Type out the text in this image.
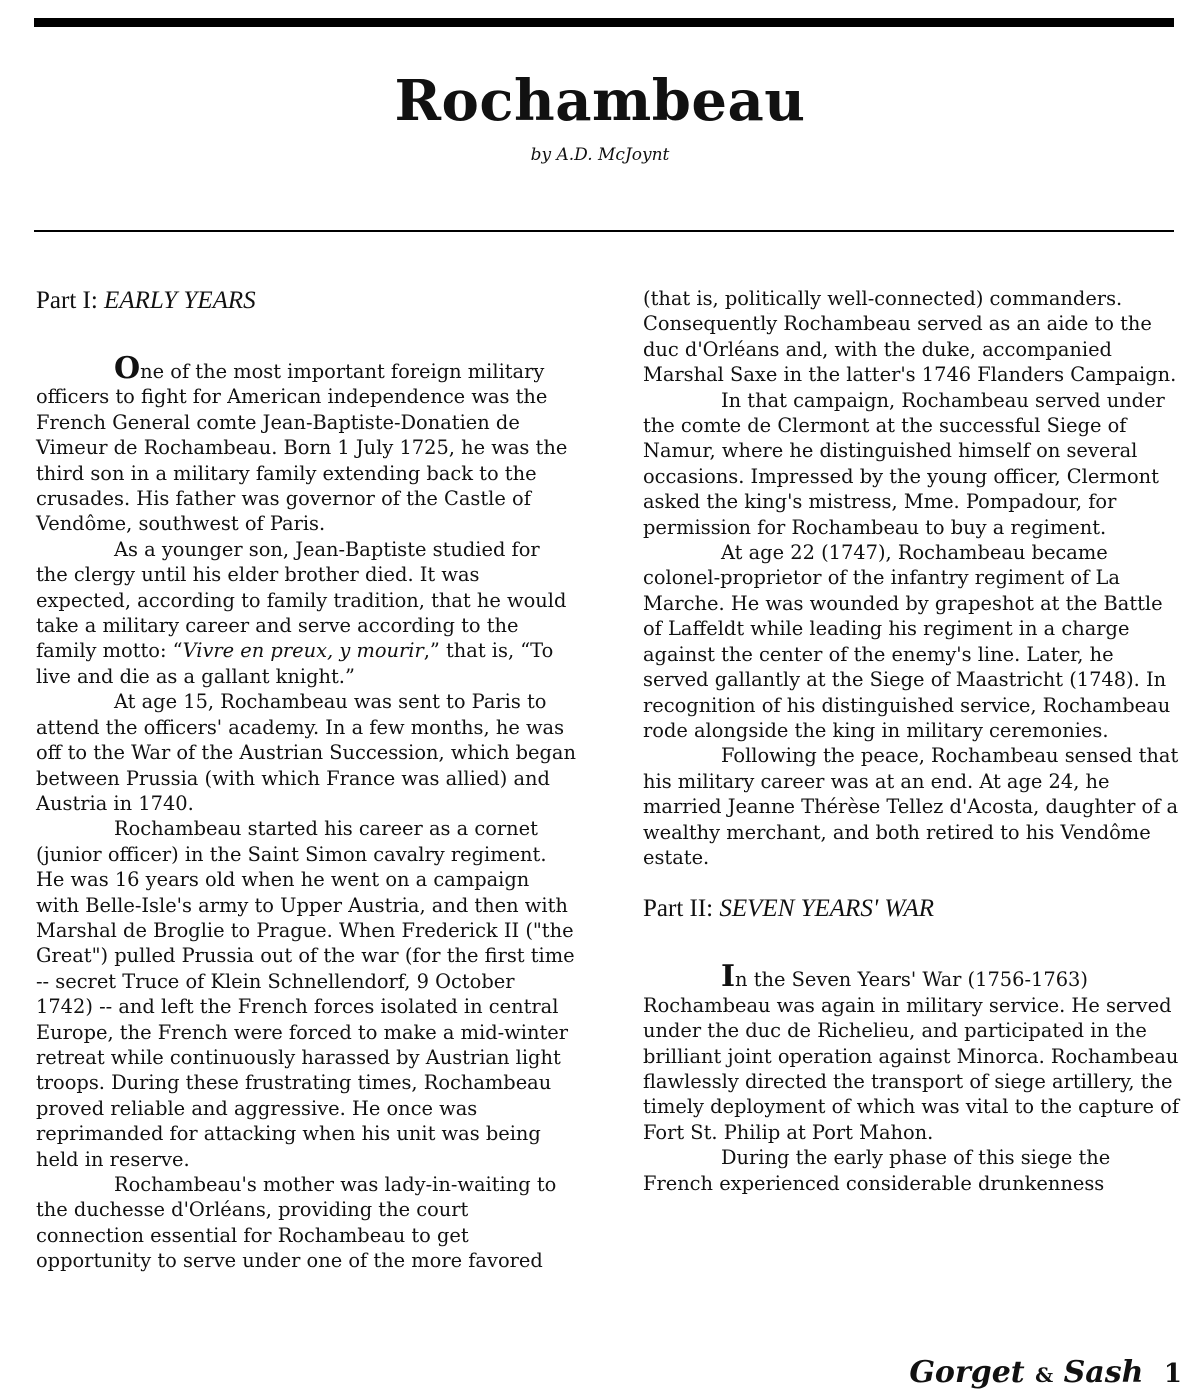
Rochambeau
by A.D. McJoynt

Part I: EARLY YEARS

One of the most important foreign military officers to fight for American independence was the French General comte Jean-Baptiste-Donatien de Vimeur de Rochambeau. Born 1 July 1725, he was the third son in a military family extending back to the crusades. His father was governor of the Castle of Vendôme, southwest of Paris.

As a younger son, Jean-Baptiste studied for the clergy until his elder brother died. It was expected, according to family tradition, that he would take a military career and serve according to the family motto: “Vivre en preux, y mourir,” that is, “To live and die as a gallant knight.”

At age 15, Rochambeau was sent to Paris to attend the officers' academy. In a few months, he was off to the War of the Austrian Succession, which began between Prussia (with which France was allied) and Austria in 1740.

Rochambeau started his career as a cornet (junior officer) in the Saint Simon cavalry regiment. He was 16 years old when he went on a campaign with Belle-Isle's army to Upper Austria, and then with Marshal de Broglie to Prague. When Frederick II ("the Great") pulled Prussia out of the war (for the first time -- secret Truce of Klein Schnellendorf, 9 October 1742) -- and left the French forces isolated in central Europe, the French were forced to make a mid-winter retreat while continuously harassed by Austrian light troops. During these frustrating times, Rochambeau proved reliable and aggressive. He once was reprimanded for attacking when his unit was being held in reserve.

Rochambeau's mother was lady-in-waiting to the duchesse d'Orléans, providing the court connection essential for Rochambeau to get opportunity to serve under one of the more favored

(that is, politically well-connected) commanders. Consequently Rochambeau served as an aide to the duc d'Orléans and, with the duke, accompanied Marshal Saxe in the latter's 1746 Flanders Campaign.

In that campaign, Rochambeau served under the comte de Clermont at the successful Siege of Namur, where he distinguished himself on several occasions. Impressed by the young officer, Clermont asked the king's mistress, Mme. Pompadour, for permission for Rochambeau to buy a regiment.

At age 22 (1747), Rochambeau became colonel-proprietor of the infantry regiment of La Marche. He was wounded by grapeshot at the Battle of Laffeldt while leading his regiment in a charge against the center of the enemy's line. Later, he served gallantly at the Siege of Maastricht (1748). In recognition of his distinguished service, Rochambeau rode alongside the king in military ceremonies.

Following the peace, Rochambeau sensed that his military career was at an end. At age 24, he married Jeanne Thérèse Tellez d'Acosta, daughter of a wealthy merchant, and both retired to his Vendôme estate.

Part II: SEVEN YEARS' WAR

In the Seven Years' War (1756-1763) Rochambeau was again in military service. He served under the duc de Richelieu, and participated in the brilliant joint operation against Minorca. Rochambeau flawlessly directed the transport of siege artillery, the timely deployment of which was vital to the capture of Fort St. Philip at Port Mahon.

During the early phase of this siege the French experienced considerable drunkenness

Gorget & Sash 1
